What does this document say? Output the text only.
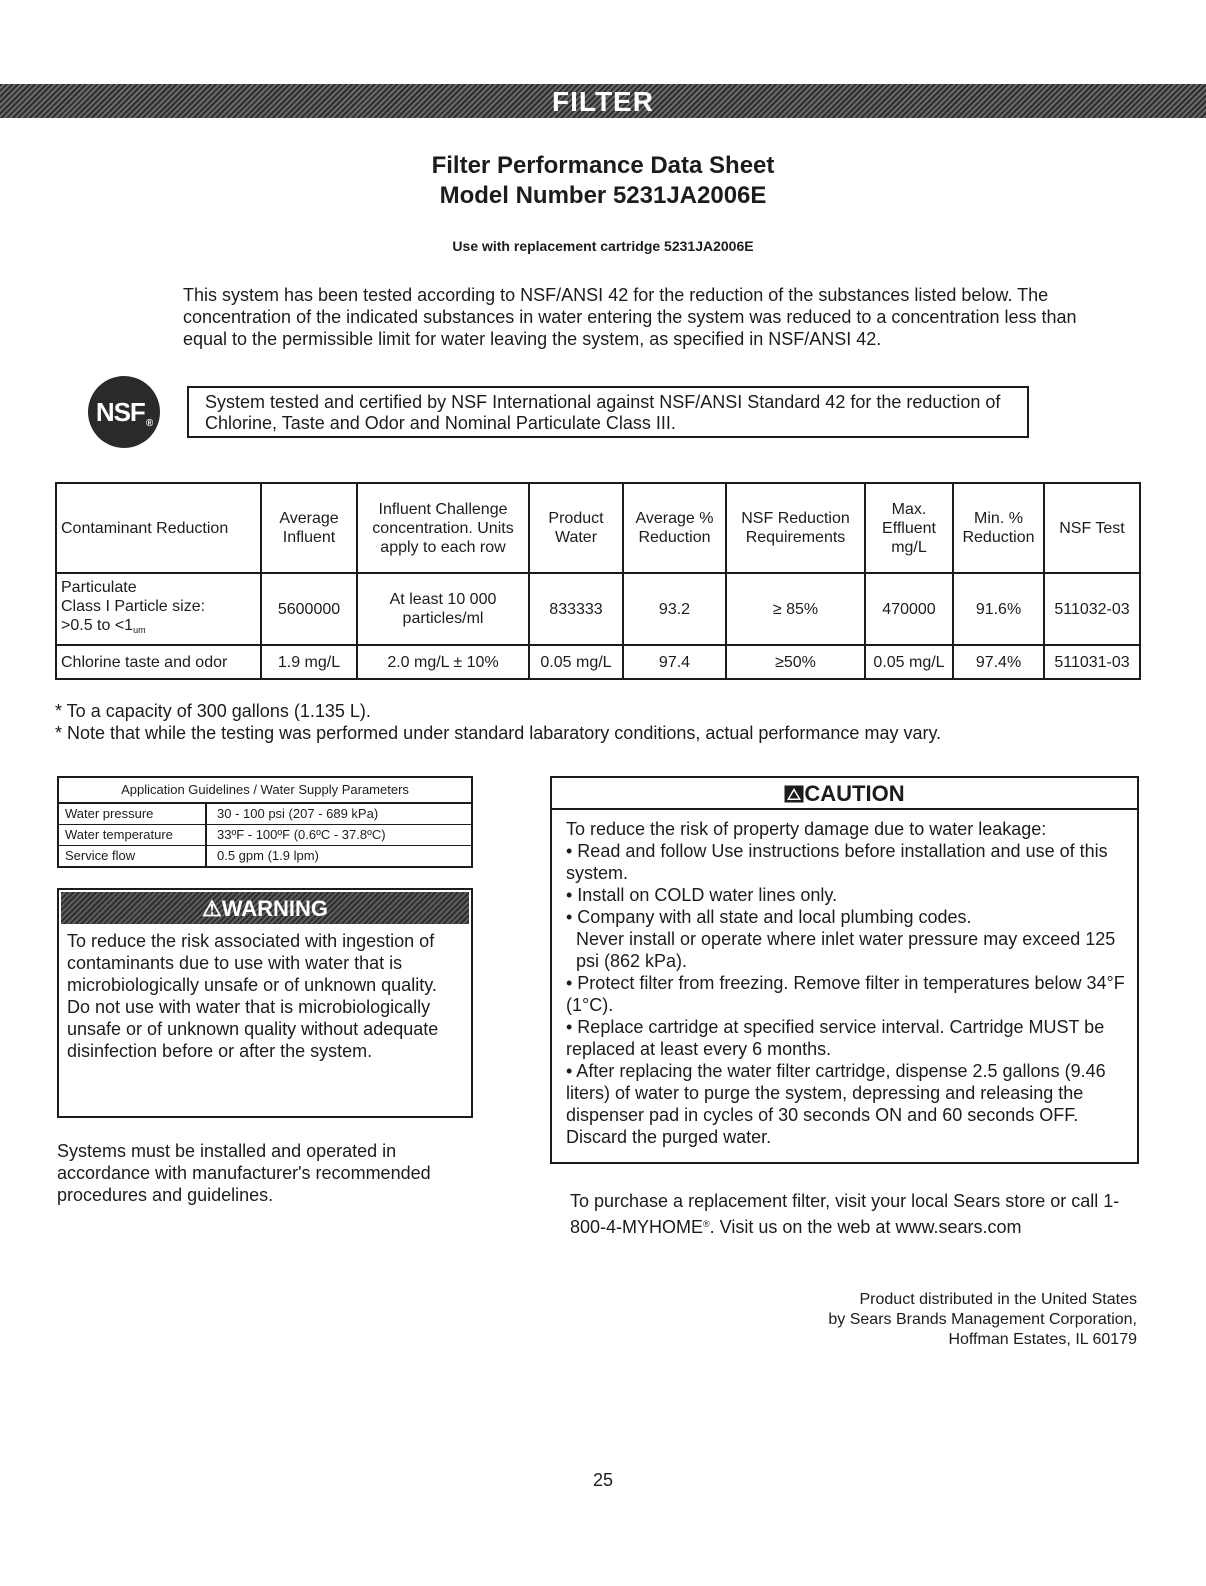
FILTER
Filter Performance Data Sheet
Model Number 5231JA2006E
Use with replacement cartridge 5231JA2006E
This system has been tested according to NSF/ANSI 42 for the reduction of the substances listed below. The concentration of the indicated substances in water entering the system was reduced to a concentration less than equal to the permissible limit for water leaving the system, as specified in NSF/ANSI 42.
NSF ®
System tested and certified by NSF International against NSF/ANSI Standard 42 for the reduction of Chlorine, Taste and Odor and Nominal Particulate Class III.
Contaminant Reduction	Average Influent	Influent Challenge concentration. Units apply to each row	Product Water	Average % Reduction	NSF Reduction Requirements	Max. Effluent mg/L	Min. % Reduction	NSF Test

Particulate
Class I Particle size:
>0.5 to $<1_{um}$	5600000	At least 10 000 particles/ml	833333	93.2	≥ 85%	470000	91.6%	511032-03
Chlorine taste and odor	1.9 mg/L	2.0 mg/L ± 10%	0.05 mg/L	97.4	≥50%	0.05 mg/L	97.4%	511031-03
* To a capacity of 300 gallons (1.135 L).
* Note that while the testing was performed under standard labaratory conditions, actual performance may vary.
Application Guidelines / Water Supply Parameters
Water pressure	30 - 100 psi (207 - 689 kPa)
Water temperature	33ºF - 100ºF (0.6ºC - 37.8ºC)
Service flow	0.5 gpm (1.9 lpm)
⚠WARNING

To reduce the risk associated with ingestion of contaminants due to use with water that is microbiologically unsafe or of unknown quality.

Do not use with water that is microbiologically unsafe or of unknown quality without adequate disinfection before or after the system.

Systems must be installed and operated in accordance with manufacturer's recommended procedures and guidelines.
CAUTION

To reduce the risk of property damage due to water leakage:

• Read and follow Use instructions before installation and use of this system.

• Install on COLD water lines only.

• Company with all state and local plumbing codes.

Never install or operate where inlet water pressure may exceed 125 psi (862 kPa).

• Protect filter from freezing. Remove filter in temperatures below 34°F (1°C).

• Replace cartridge at specified service interval. Cartridge MUST be replaced at least every 6 months.

• After replacing the water filter cartridge, dispense 2.5 gallons (9.46 liters) of water to purge the system, depressing and releasing the dispenser pad in cycles of 30 seconds ON and 60 seconds OFF. Discard the purged water.

To purchase a replacement filter, visit your local Sears store or call 1-800-4-MYHOME®. Visit us on the web at www.sears.com
Product distributed in the United States
by Sears Brands Management Corporation,
Hoffman Estates, IL 60179
25
